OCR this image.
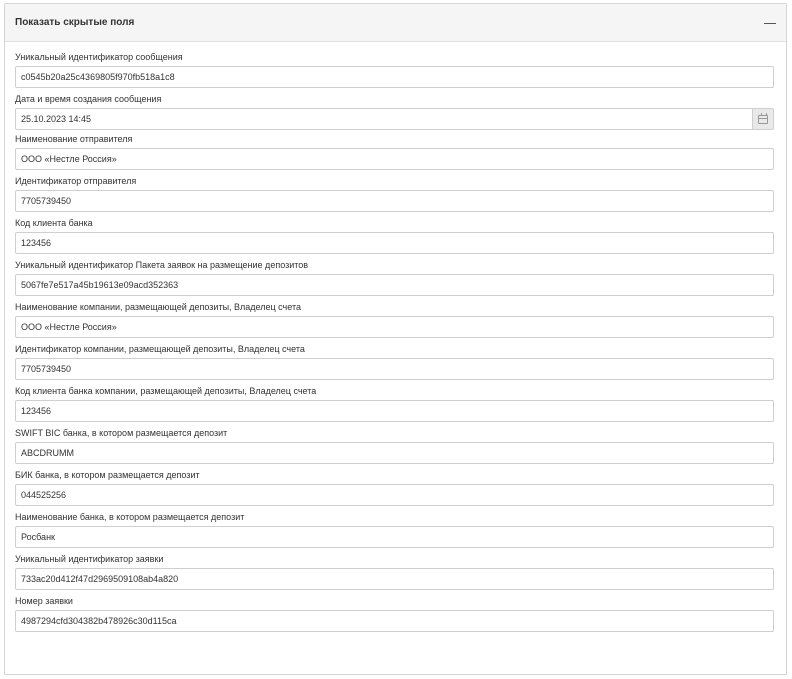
Показать скрытые поля
Уникальный идентификатор сообщения
c0545b20a25c4369805f970fb518a1c8
Дата и время создания сообщения
25.10.2023 14:45
Наименование отправителя
ООО «Нестле Россия»
Идентификатор отправителя
7705739450
Код клиента банка
123456
Уникальный идентификатор Пакета заявок на размещение депозитов
5067fe7e517a45b19613e09acd352363
Наименование компании, размещающей депозиты, Владелец счета
ООО «Нестле Россия»
Идентификатор компании, размещающей депозиты, Владелец счета
7705739450
Код клиента банка компании, размещающей депозиты, Владелец счета
123456
SWIFT BIC банка, в котором размещается депозит
ABCDRUMM
БИК банка, в котором размещается депозит
044525256
Наименование банка, в котором размещается депозит
Росбанк
Уникальный идентификатор заявки
733ac20d412f47d2969509108ab4a820
Номер заявки
4987294cfd304382b478926c30d115ca
